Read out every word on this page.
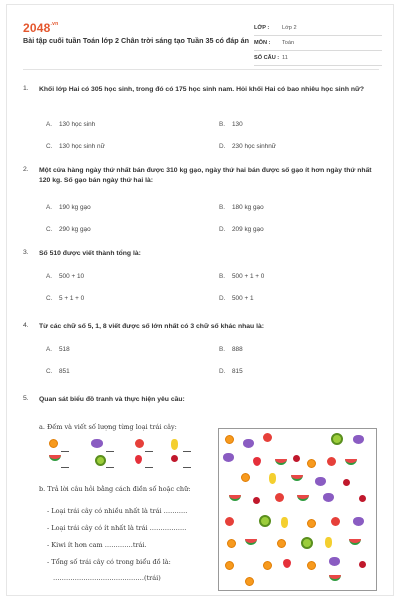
$2048^{.vn}$
Bài tập cuối tuần Toán lớp 2 Chân trời sáng tạo Tuần 35 có đáp án
LỚP :	Lớp 2
MÔN :	Toán
SỐ CÂU : 11
1. Khối lớp Hai có 305 học sinh, trong đó có 175 học sinh nam. Hỏi khối Hai có bao nhiêu học sinh nữ?
A. 130 học sinh	B. 130
C. 130 học sinh nữ	D. 230 học sinhnữ
2. Một cửa hàng ngày thứ nhất bán được 310 kg gạo, ngày thứ hai bán được số gạo ít hơn ngày thứ nhất 120 kg. Số gạo bán ngày thứ hai là:
A. 190 kg gạo	B. 180 kg gạo
C. 290 kg gạo	D. 209 kg gạo
3. Số 510 được viết thành tổng là:
A. 500 + 10	B. 500 + 1 + 0
C. 5 + 1 + 0	D. 500 + 1
4. Từ các chữ số 5, 1, 8 viết được số lớn nhất có 3 chữ số khác nhau là:
A. 518	B. 888
C. 851	D. 815
5. Quan sát biểu đồ tranh và thực hiện yêu cầu:
a. Đếm và viết số lượng từng loại trái cây:
b. Trả lời câu hỏi bằng cách điền số hoặc chữ:
- Loại trái cây có nhiều nhất là trái ………..
- Loại trái cây có ít nhất là trái ……………..
- Kiwi ít hơn cam ………….trái.
- Tổng số trái cây có trong biểu đồ là:
……………………………………(trái)
